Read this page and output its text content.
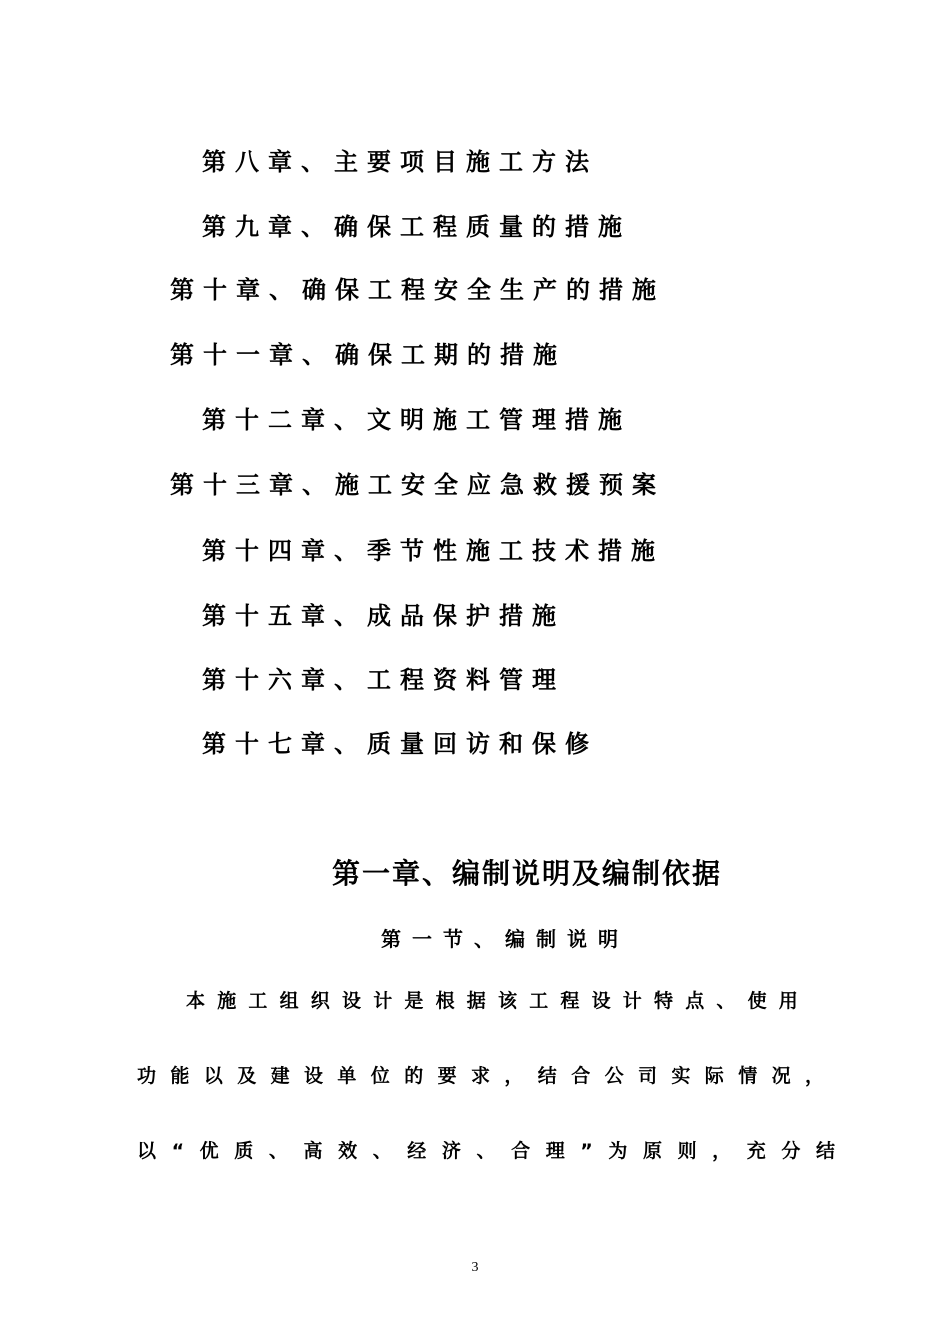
第八章、主要项目施工方法
第九章、确保工程质量的措施
第十章、确保工程安全生产的措施
第十一章、确保工期的措施
第十二章、文明施工管理措施
第十三章、施工安全应急救援预案
第十四章、季节性施工技术措施
第十五章、成品保护措施
第十六章、工程资料管理
第十七章、质量回访和保修
第一章、编制说明及编制依据
第一节、编制说明
本施工组织设计是根据该工程设计特点、使用
功能以及建设单位的要求，结合公司实际情况，
以“优质、高效、经济、合理”为原则，充分结
3
